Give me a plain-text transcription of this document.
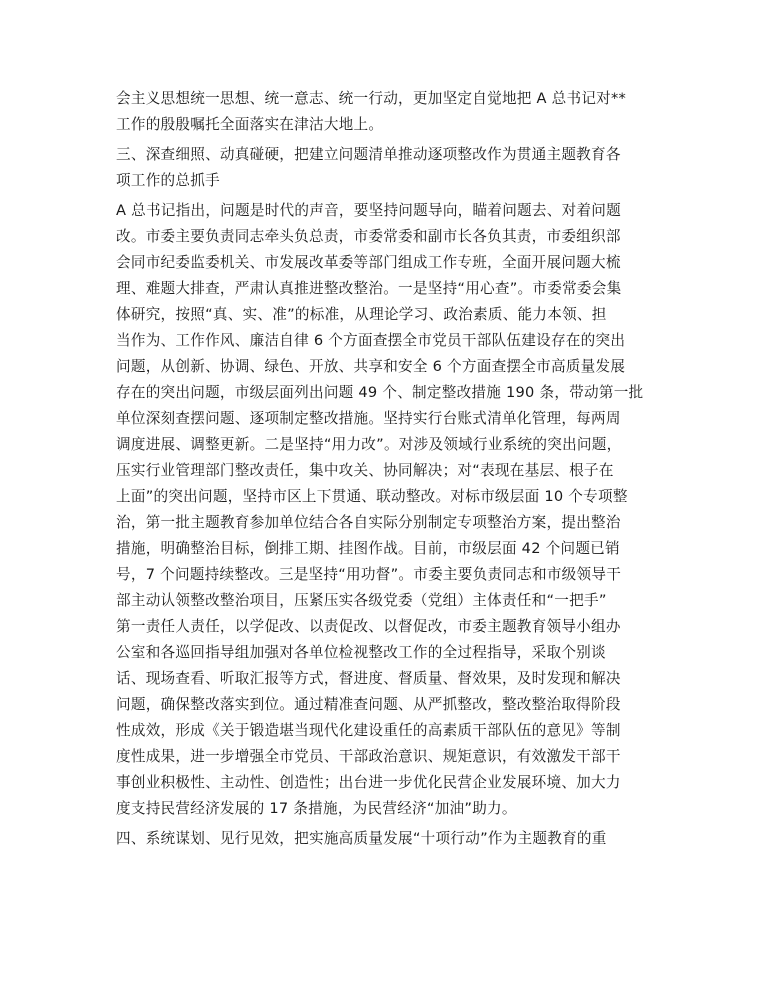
会主义思想统一思想、统一意志、统一行动，更加坚定自觉地把 A 总书记对**
工作的殷殷嘱托全面落实在津沽大地上。
三、深查细照、动真碰硬，把建立问题清单推动逐项整改作为贯通主题教育各
项工作的总抓手
A 总书记指出，问题是时代的声音，要坚持问题导向，瞄着问题去、对着问题
改。市委主要负责同志牵头负总责，市委常委和副市长各负其责，市委组织部
会同市纪委监委机关、市发展改革委等部门组成工作专班，全面开展问题大梳
理、难题大排查，严肃认真推进整改整治。一是坚持“用心查”。市委常委会集
体研究，按照“真、实、准”的标准，从理论学习、政治素质、能力本领、担
当作为、工作作风、廉洁自律 6 个方面查摆全市党员干部队伍建设存在的突出
问题，从创新、协调、绿色、开放、共享和安全 6 个方面查摆全市高质量发展
存在的突出问题，市级层面列出问题 49 个、制定整改措施 190 条，带动第一批
单位深刻查摆问题、逐项制定整改措施。坚持实行台账式清单化管理，每两周
调度进展、调整更新。二是坚持“用力改”。对涉及领域行业系统的突出问题，
压实行业管理部门整改责任，集中攻关、协同解决；对“表现在基层、根子在
上面”的突出问题，坚持市区上下贯通、联动整改。对标市级层面 10 个专项整
治，第一批主题教育参加单位结合各自实际分别制定专项整治方案，提出整治
措施，明确整治目标，倒排工期、挂图作战。目前，市级层面 42 个问题已销
号，7 个问题持续整改。三是坚持“用功督”。市委主要负责同志和市级领导干
部主动认领整改整治项目，压紧压实各级党委（党组）主体责任和“一把手”
第一责任人责任，以学促改、以责促改、以督促改，市委主题教育领导小组办
公室和各巡回指导组加强对各单位检视整改工作的全过程指导，采取个别谈
话、现场查看、听取汇报等方式，督进度、督质量、督效果，及时发现和解决
问题，确保整改落实到位。通过精准查问题、从严抓整改，整改整治取得阶段
性成效，形成《关于锻造堪当现代化建设重任的高素质干部队伍的意见》等制
度性成果，进一步增强全市党员、干部政治意识、规矩意识，有效激发干部干
事创业积极性、主动性、创造性；出台进一步优化民营企业发展环境、加大力
度支持民营经济发展的 17 条措施，为民营经济“加油”助力。
四、系统谋划、见行见效，把实施高质量发展“十项行动”作为主题教育的重
